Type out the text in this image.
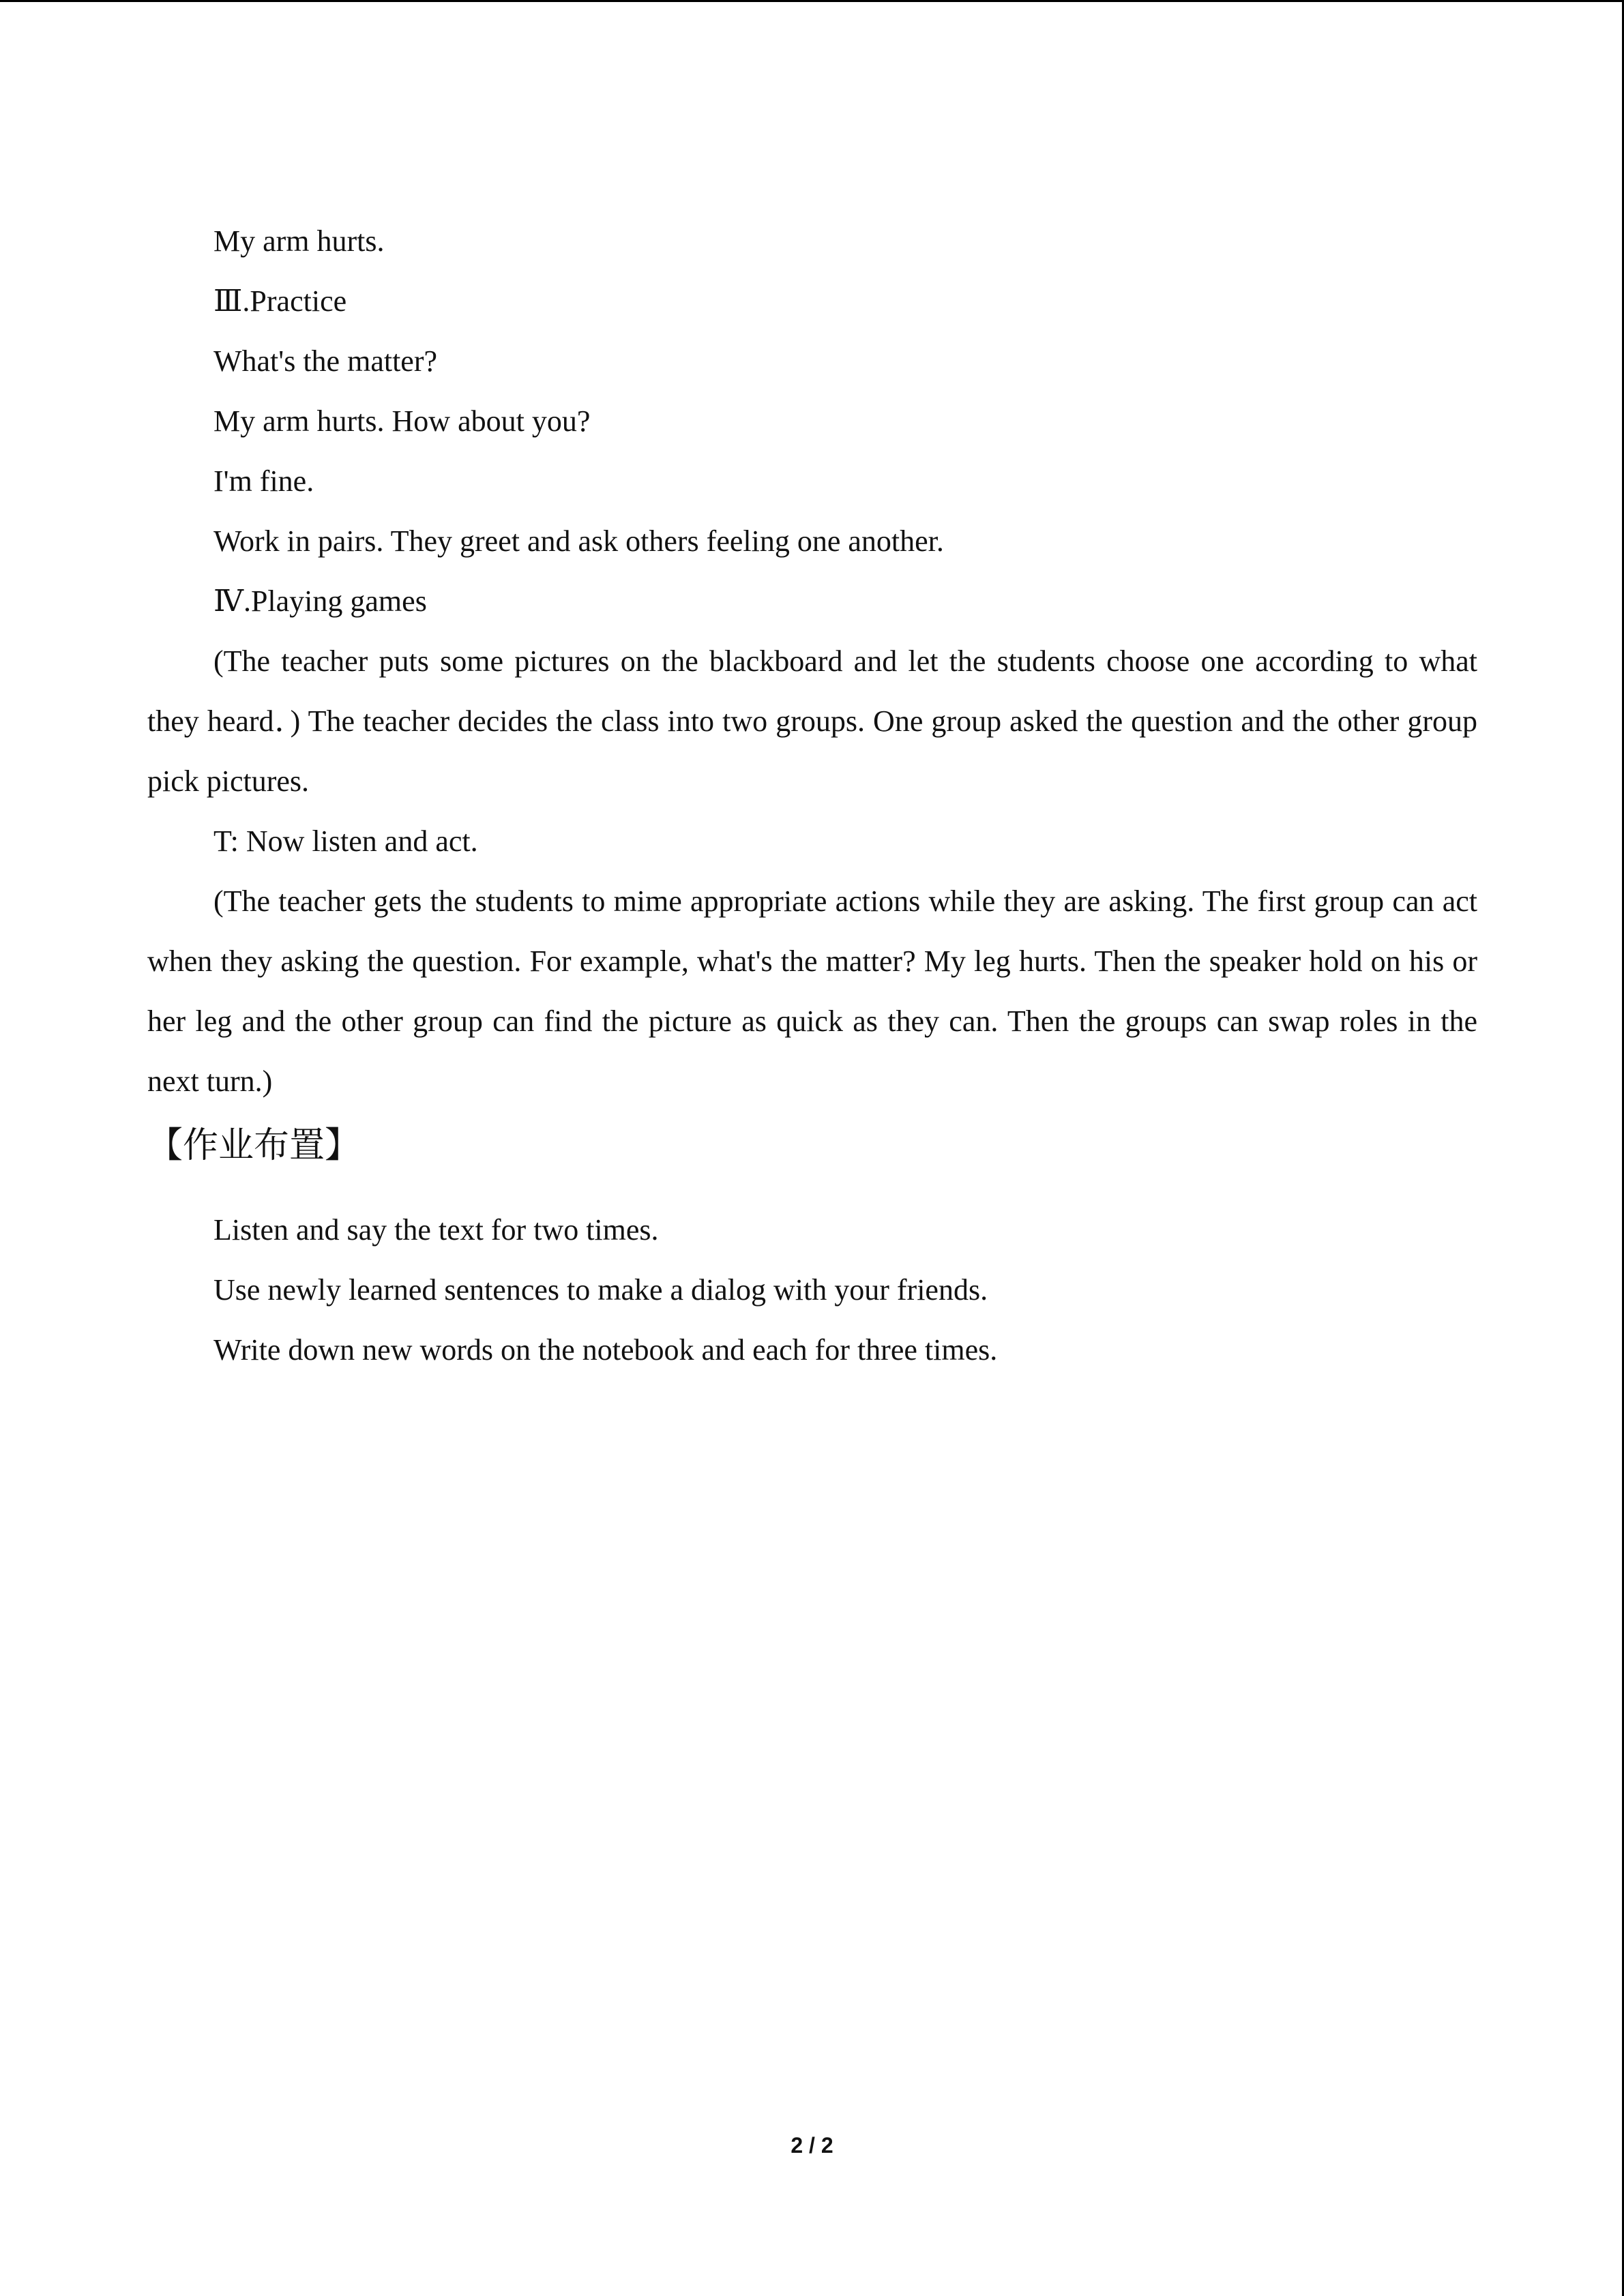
My arm hurts.
Ⅲ.Practice
What's the matter?
My arm hurts. How about you?
I'm fine.
Work in pairs. They greet and ask others feeling one another.
Ⅳ.Playing games
(The teacher puts some pictures on the blackboard and let the students choose one according to what they heard．) The teacher decides the class into two groups. One group asked the question and the other group pick pictures.
T: Now listen and act.
(The teacher gets the students to mime appropriate actions while they are asking. The first group can act when they asking the question. For example, what's the matter? My leg hurts. Then the speaker hold on his or her leg and the other group can find the picture as quick as they can. Then the groups can swap roles in the next turn.)
【作业布置】
Listen and say the text for two times.
Use newly learned sentences to make a dialog with your friends.
Write down new words on the notebook and each for three times.
2 / 2
